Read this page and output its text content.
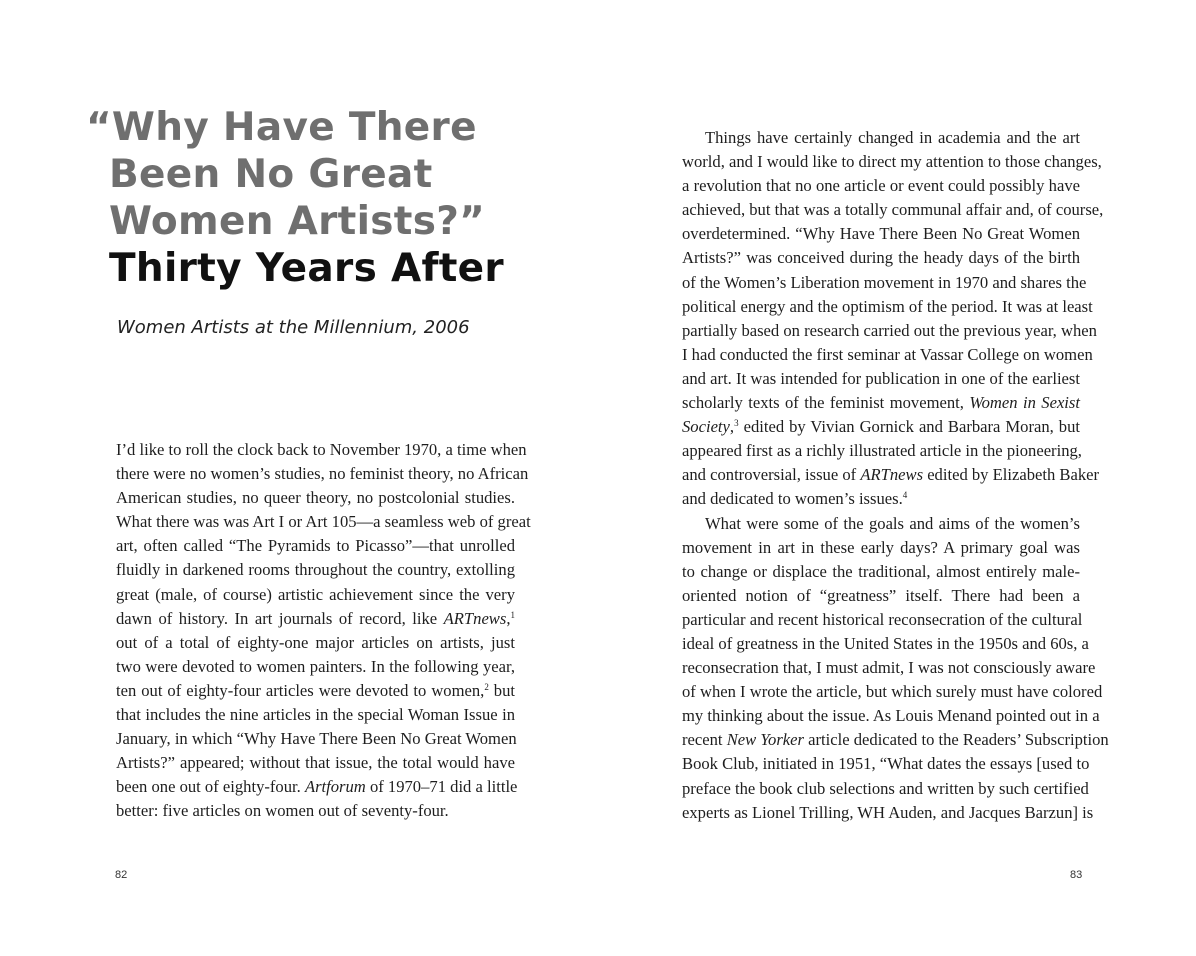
“Why Have There
Been No Great
Women Artists?”
Thirty Years After
Women Artists at the Millennium, 2006
I’d like to roll the clock back to November 1970, a time when
there were no women’s studies, no feminist theory, no African
American studies, no queer theory, no postcolonial studies.
What there was was Art I or Art 105—a seamless web of great
art, often called “The Pyramids to Picasso”—that unrolled
fluidly in darkened rooms throughout the country, extolling
great (male, of course) artistic achievement since the very
dawn of history. In art journals of record, like ARTnews,$^1$
out of a total of eighty-one major articles on artists, just
two were devoted to women painters. In the following year,
ten out of eighty-four articles were devoted to women,$^2$ but
that includes the nine articles in the special Woman Issue in
January, in which “Why Have There Been No Great Women
Artists?” appeared; without that issue, the total would have
been one out of eighty-four. Artforum of 1970–71 did a little
better: five articles on women out of seventy-four.
82
Things have certainly changed in academia and the art
world, and I would like to direct my attention to those changes,
a revolution that no one article or event could possibly have
achieved, but that was a totally communal affair and, of course,
overdetermined. “Why Have There Been No Great Women
Artists?” was conceived during the heady days of the birth
of the Women’s Liberation movement in 1970 and shares the
political energy and the optimism of the period. It was at least
partially based on research carried out the previous year, when
I had conducted the first seminar at Vassar College on women
and art. It was intended for publication in one of the earliest
scholarly texts of the feminist movement, Women in Sexist
Society,$^3$ edited by Vivian Gornick and Barbara Moran, but
appeared first as a richly illustrated article in the pioneering,
and controversial, issue of ARTnews edited by Elizabeth Baker
and dedicated to women’s issues.$^4$
What were some of the goals and aims of the women’s
movement in art in these early days? A primary goal was
to change or displace the traditional, almost entirely male-
oriented notion of “greatness” itself. There had been a
particular and recent historical reconsecration of the cultural
ideal of greatness in the United States in the 1950s and 60s, a
reconsecration that, I must admit, I was not consciously aware
of when I wrote the article, but which surely must have colored
my thinking about the issue. As Louis Menand pointed out in a
recent New Yorker article dedicated to the Readers’ Subscription
Book Club, initiated in 1951, “What dates the essays [used to
preface the book club selections and written by such certified
experts as Lionel Trilling, WH Auden, and Jacques Barzun] is
83
